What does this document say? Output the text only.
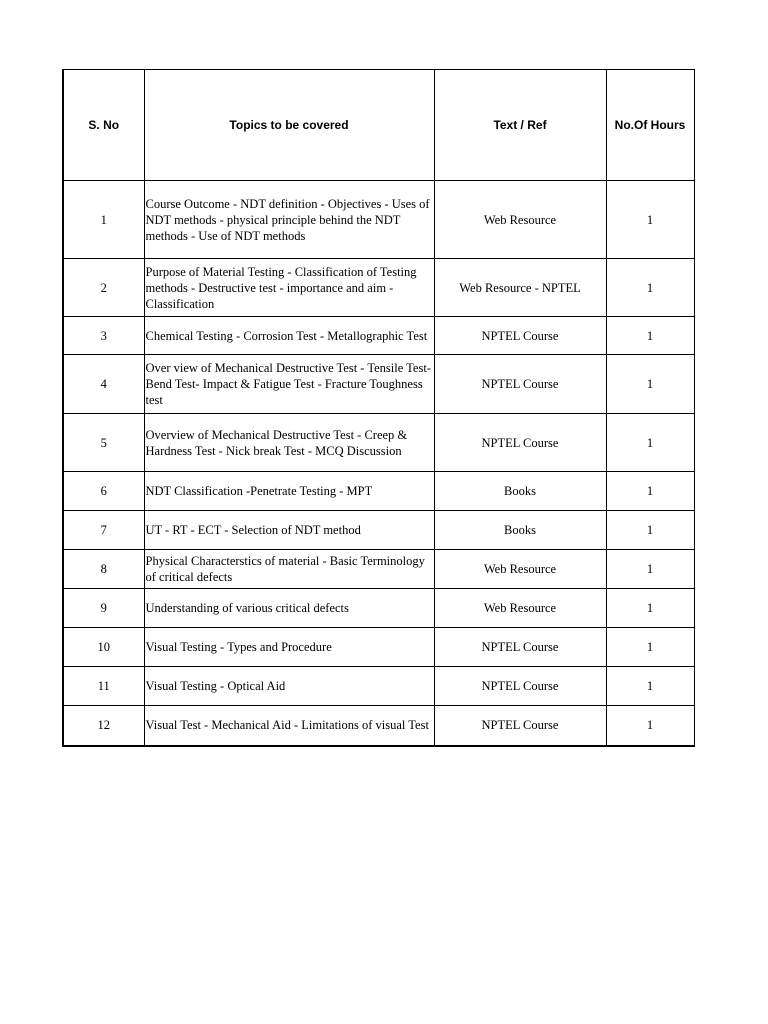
S. No	Topics to be covered	Text / Ref	No.Of Hours
1	Course Outcome - NDT definition - Objectives - Uses of NDT methods - physical principle behind the NDT methods - Use of NDT methods	Web Resource	1
2	Purpose of Material Testing - Classification of Testing methods - Destructive test - importance and aim - Classification	Web Resource - NPTEL	1
3	Chemical Testing - Corrosion Test - Metallographic Test	NPTEL Course	1
4	Over view of Mechanical Destructive Test - Tensile Test- Bend Test- Impact & Fatigue Test - Fracture Toughness test	NPTEL Course	1
5	Overview of Mechanical Destructive Test - Creep & Hardness Test - Nick break Test - MCQ Discussion	NPTEL Course	1
6	NDT Classification -Penetrate Testing - MPT	Books	1
7	UT - RT - ECT - Selection of NDT method	Books	1
8	Physical Characterstics of material - Basic Terminology of critical defects	Web Resource	1
9	Understanding of various critical defects	Web Resource	1
10	Visual Testing - Types and Procedure	NPTEL Course	1
11	Visual Testing - Optical Aid	NPTEL Course	1
12	Visual Test - Mechanical Aid - Limitations of visual Test	NPTEL Course	1
